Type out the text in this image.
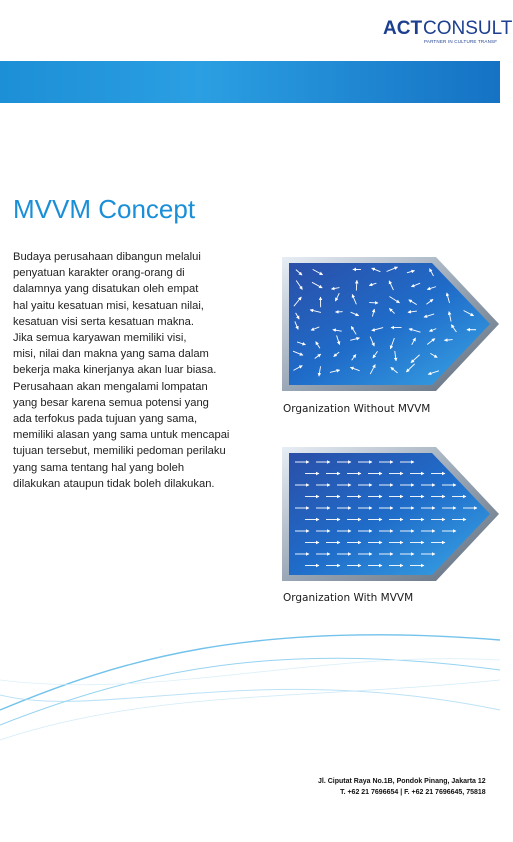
ACT CONSULT
PARTNER IN CULTURE TRANSF
MVVM Concept
Budaya perusahaan dibangun melalui
penyatuan karakter orang-orang di
dalamnya yang disatukan oleh empat
hal yaitu kesatuan misi, kesatuan nilai,
kesatuan visi serta kesatuan makna.
Jika semua karyawan memiliki visi,
misi, nilai dan makna yang sama dalam
bekerja maka kinerjanya akan luar biasa.
Perusahaan akan mengalami lompatan
yang besar karena semua potensi yang
ada terfokus pada tujuan yang sama,
memiliki alasan yang sama untuk mencapai
tujuan tersebut, memiliki pedoman perilaku
yang sama tentang hal yang boleh
dilakukan ataupun tidak boleh dilakukan.
Organization Without MVVM
Organization With MVVM
Jl. Ciputat Raya No.1B, Pondok Pinang, Jakarta 12
T. +62 21 7696654 | F. +62 21 7696645, 75818
